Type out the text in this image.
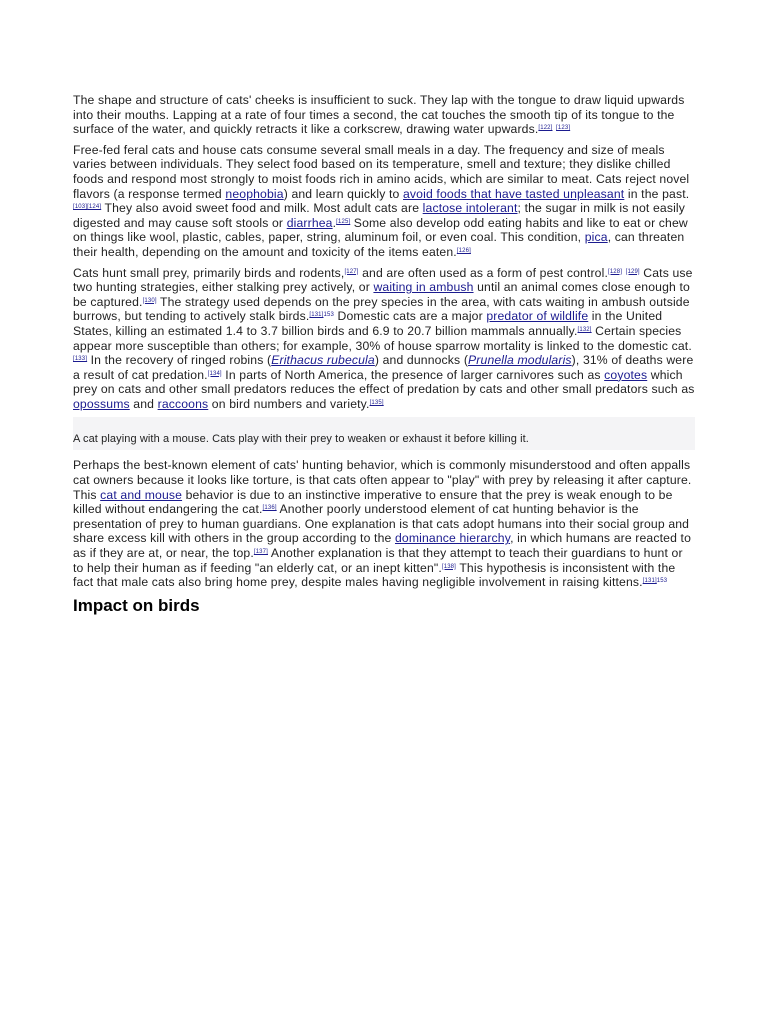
The shape and structure of cats' cheeks is insufficient to suck. They lap with the tongue to draw liquid upwards into their mouths. Lapping at a rate of four times a second, the cat touches the smooth tip of its tongue to the surface of the water, and quickly retracts it like a corkscrew, drawing water upwards.[122] [123]

Free-fed feral cats and house cats consume several small meals in a day. The frequency and size of meals varies between individuals. They select food based on its temperature, smell and texture; they dislike chilled foods and respond most strongly to moist foods rich in amino acids, which are similar to meat. Cats reject novel flavors (a response termed neophobia) and learn quickly to avoid foods that have tasted unpleasant in the past.[103][124] They also avoid sweet food and milk. Most adult cats are lactose intolerant; the sugar in milk is not easily digested and may cause soft stools or diarrhea.[125] Some also develop odd eating habits and like to eat or chew on things like wool, plastic, cables, paper, string, aluminum foil, or even coal. This condition, pica, can threaten their health, depending on the amount and toxicity of the items eaten.[126]

Cats hunt small prey, primarily birds and rodents,[127] and are often used as a form of pest control.[128] [129] Cats use two hunting strategies, either stalking prey actively, or waiting in ambush until an animal comes close enough to be captured.[130] The strategy used depends on the prey species in the area, with cats waiting in ambush outside burrows, but tending to actively stalk birds.$^{[131]153}$ Domestic cats are a major predator of wildlife in the United States, killing an estimated 1.4 to 3.7 billion birds and 6.9 to 20.7 billion mammals annually.[132] Certain species appear more susceptible than others; for example, 30% of house sparrow mortality is linked to the domestic cat.[133] In the recovery of ringed robins (Erithacus rubecula) and dunnocks (Prunella modularis), 31% of deaths were a result of cat predation.[134] In parts of North America, the presence of larger carnivores such as coyotes which prey on cats and other small predators reduces the effect of predation by cats and other small predators such as opossums and raccoons on bird numbers and variety.[135]

A cat playing with a mouse. Cats play with their prey to weaken or exhaust it before killing it.

Perhaps the best-known element of cats' hunting behavior, which is commonly misunderstood and often appalls cat owners because it looks like torture, is that cats often appear to "play" with prey by releasing it after capture. This cat and mouse behavior is due to an instinctive imperative to ensure that the prey is weak enough to be killed without endangering the cat.[136] Another poorly understood element of cat hunting behavior is the presentation of prey to human guardians. One explanation is that cats adopt humans into their social group and share excess kill with others in the group according to the dominance hierarchy, in which humans are reacted to as if they are at, or near, the top.[137] Another explanation is that they attempt to teach their guardians to hunt or to help their human as if feeding "an elderly cat, or an inept kitten".[138] This hypothesis is inconsistent with the fact that male cats also bring home prey, despite males having negligible involvement in raising kittens.$^{[131]153}$

Impact on birds
